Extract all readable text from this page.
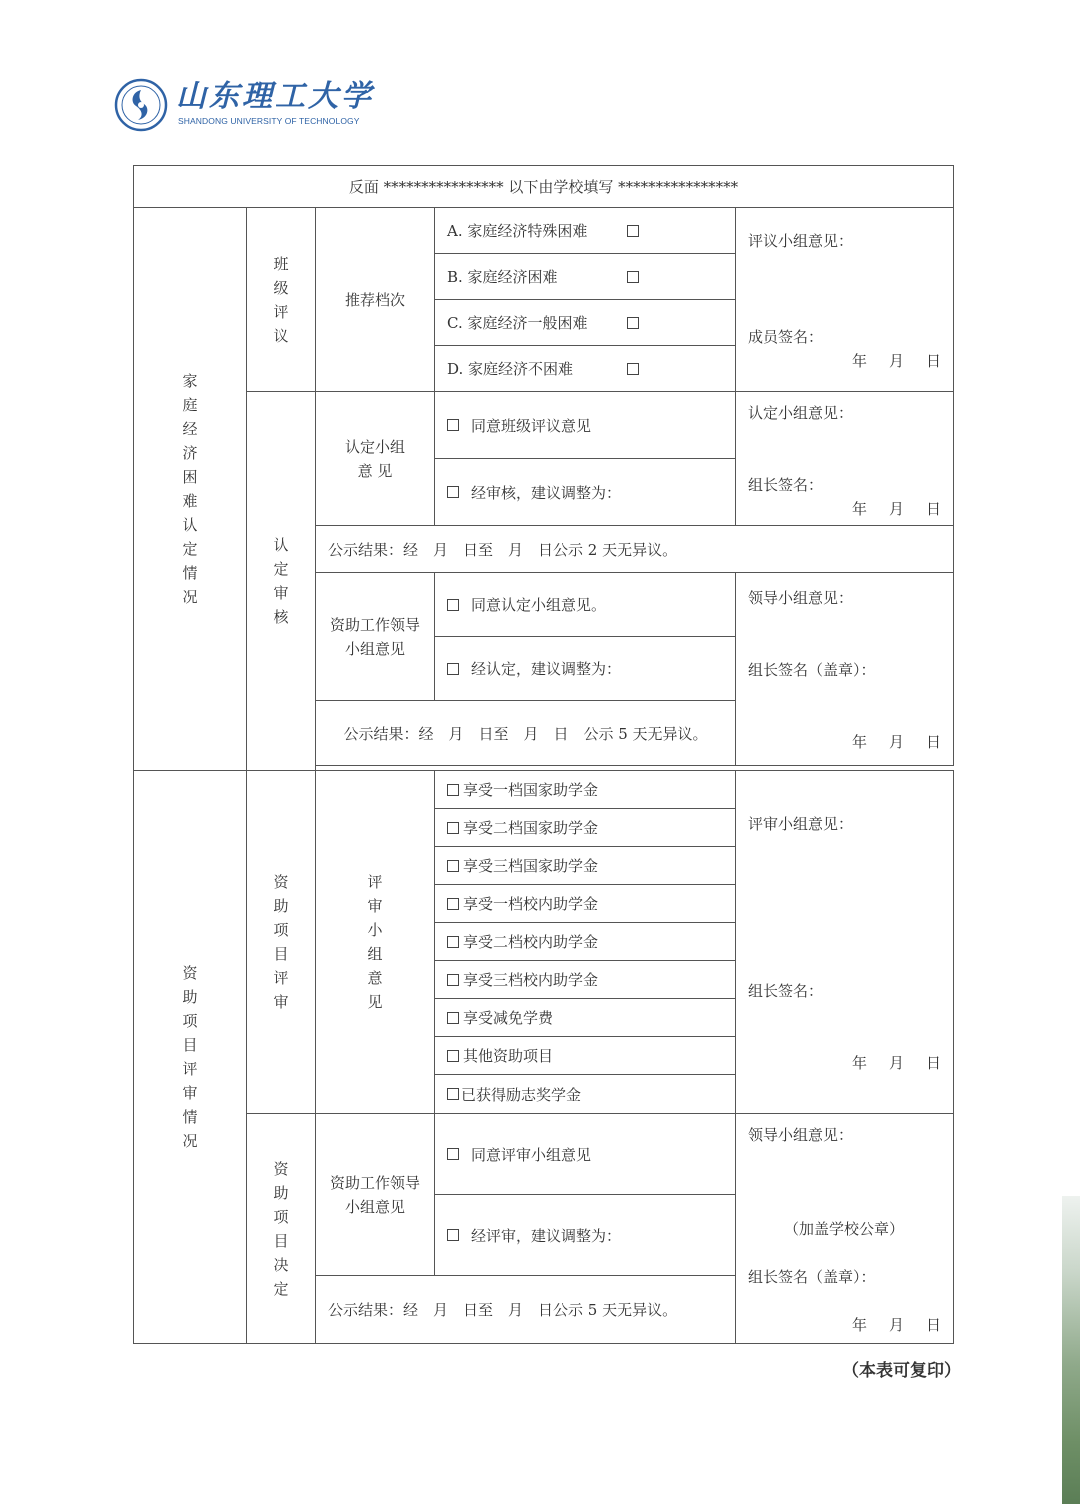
山东理工大学
SHANDONG UNIVERSITY OF TECHNOLOGY
反面 **************** 以下由学校填写 ****************				

家庭经济困难认定情况	班级评议	推荐档次	A. 家庭经济特殊困难	评议小组意见：
成员签名：
年 月 日

			B. 家庭经济困难	

			C. 家庭经济一般困难	

			D. 家庭经济不困难	

	认定审核	认定小组意 见	同意班级评议意见	认定小组意见：
组长签名：
年 月 日

			经审核，建议调整为：	

		公示结果：经　月　日至　月　日公示 2 天无异议。		

		资助工作领导小组意见	同意认定小组意见。	领导小组意见：
组长签名（盖章）：
年 月 日

			经认定，建议调整为：	

		公示结果：经　月　日至　月　日　公示 5 天无异议。		

资助项目评审情况	资助项目评审	评审小组意见	享受一档国家助学金	评审小组意见：
组长签名：
年 月 日

			享受二档国家助学金	

			享受三档国家助学金	

			享受一档校内助学金	

			享受二档校内助学金	

			享受三档校内助学金	

			享受减免学费	

			其他资助项目	

			已获得励志奖学金	

	资助项目决定	资助工作领导小组意见	同意评审小组意见	领导小组意见：
（加盖学校公章）
组长签名（盖章）：
年 月 日

			经评审，建议调整为：	

		公示结果：经　月　日至　月　日公示 5 天无异议。		
（本表可复印）
